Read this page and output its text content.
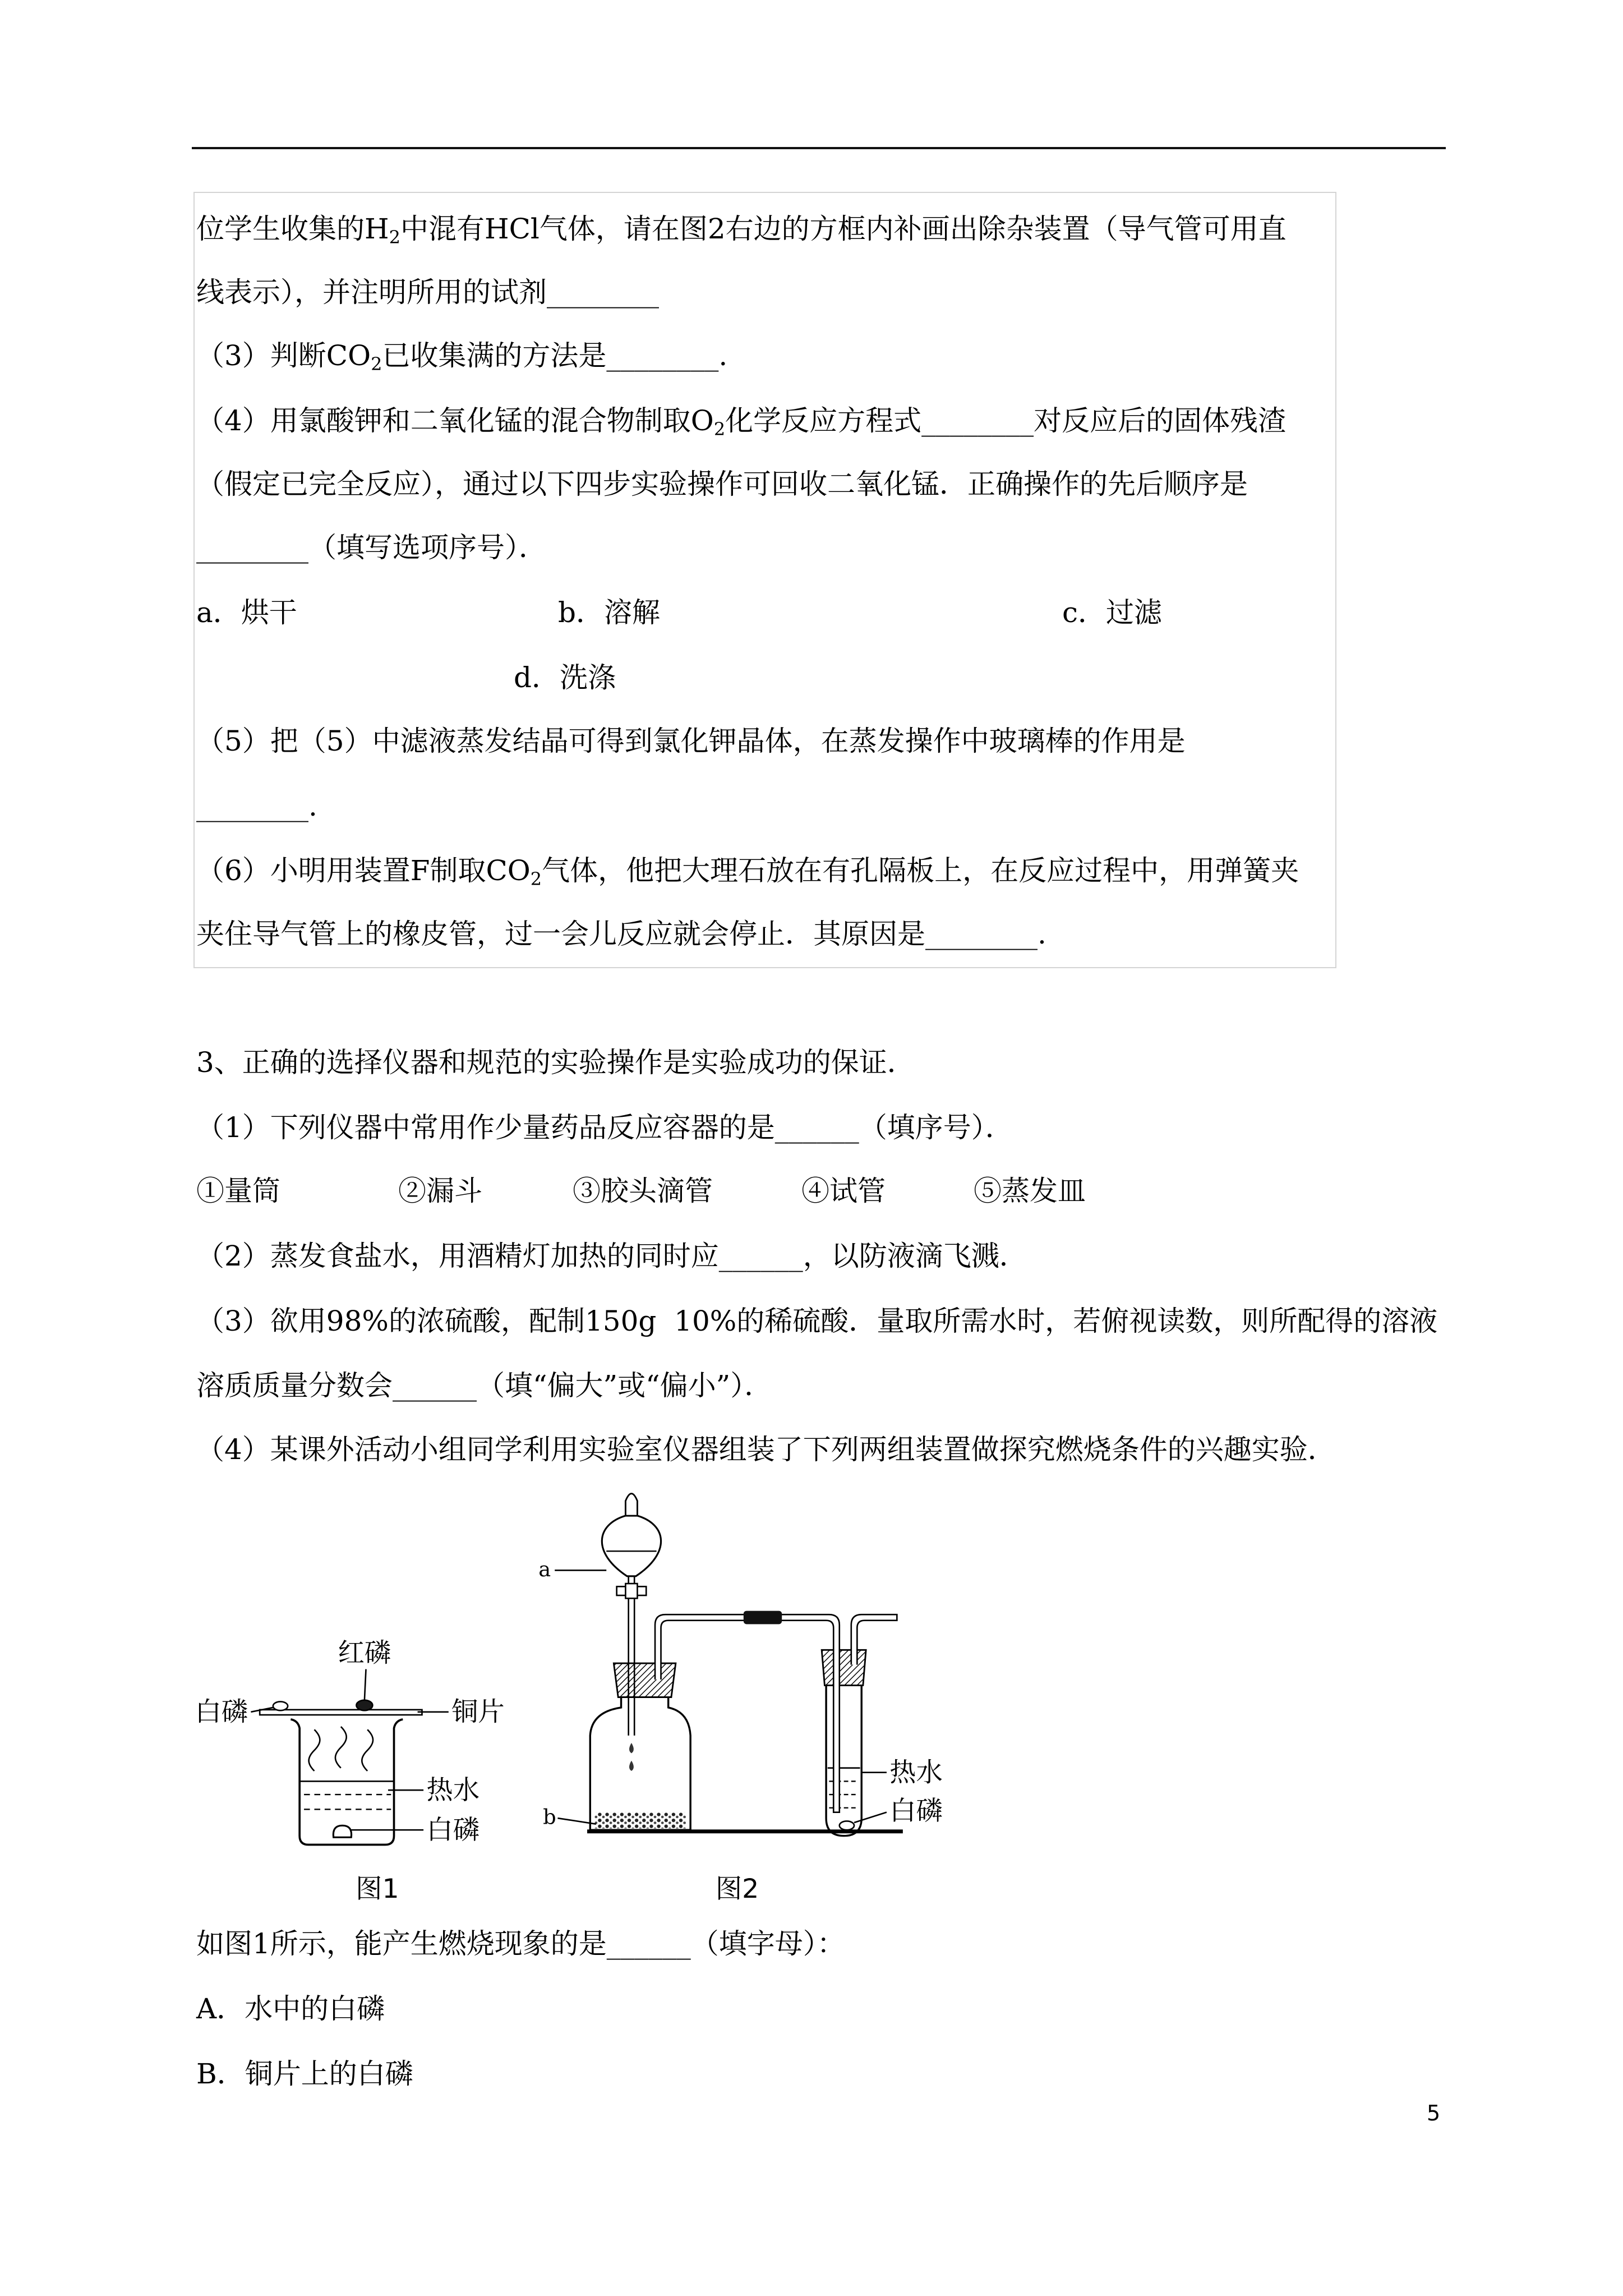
位学生收集的$H_2$中混有HCl气体，请在图2右边的方框内补画出除杂装置（导气管可用直
线表示），并注明所用的试剂________
（3）判断$CO_2$已收集满的方法是________.
（4）用氯酸钾和二氧化锰的混合物制取$O_2$化学反应方程式________对反应后的固体残渣
（假定已完全反应），通过以下四步实验操作可回收二氧化锰．正确操作的先后顺序是
________（填写选项序号）．
a．烘干	b．溶解	c．过滤
d．洗涤
（5）把（5）中滤液蒸发结晶可得到氯化钾晶体，在蒸发操作中玻璃棒的作用是
________.
（6）小明用装置F制取$CO_2$气体，他把大理石放在有孔隔板上，在反应过程中，用弹簧夹
夹住导气管上的橡皮管，过一会儿反应就会停止．其原因是________.
3、正确的选择仪器和规范的实验操作是实验成功的保证．
（1）下列仪器中常用作少量药品反应容器的是______（填序号）．
①量筒	②漏斗	③胶头滴管	④试管	⑤蒸发皿
（2）蒸发食盐水，用酒精灯加热的同时应______，以防液滴飞溅．
（3）欲用98%的浓硫酸，配制150g  10%的稀硫酸．量取所需水时，若俯视读数，则所配得的溶液
溶质质量分数会______（填“偏大”或“偏小”）．
（4）某课外活动小组同学利用实验室仪器组装了下列两组装置做探究燃烧条件的兴趣实验．
红磷
白磷	铜片
热水
白磷
图1
a
b
热水
白磷
图2
如图1所示，能产生燃烧现象的是______（填字母）：
A．水中的白磷
B．铜片上的白磷
5
